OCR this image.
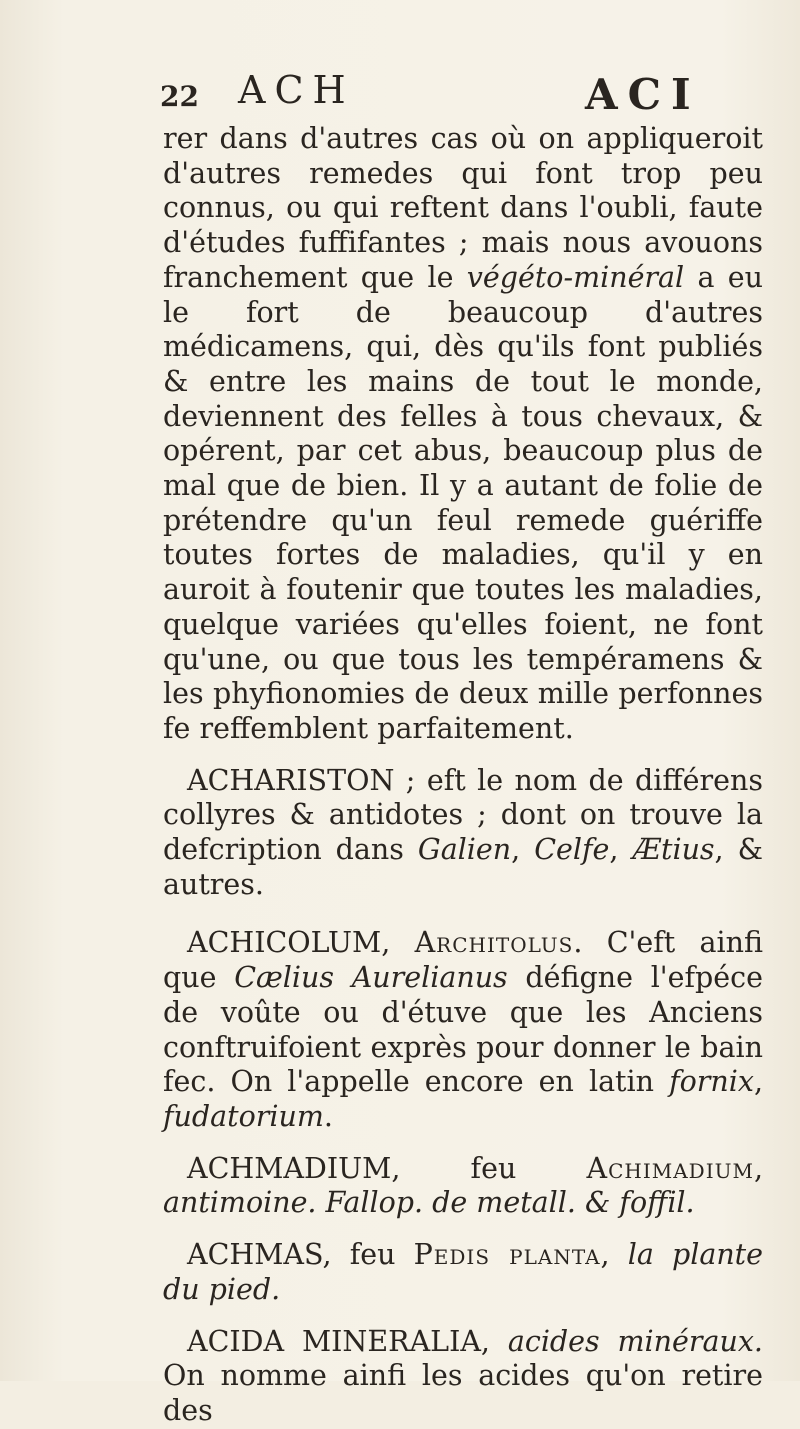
22 ACH	ACI

rer dans d'autres cas où on appliqueroit d'autres remedes qui font trop peu connus, ou qui reftent dans l'oubli, faute d'études fuffifantes ; mais nous avouons franchement que le végéto-minéral a eu le fort de beaucoup d'autres médicamens, qui, dès qu'ils font publiés & entre les mains de tout le monde, deviennent des felles à tous chevaux, & opérent, par cet abus, beaucoup plus de mal que de bien. Il y a autant de folie de prétendre qu'un feul remede guériffe toutes fortes de maladies, qu'il y en auroit à foutenir que toutes les maladies, quelque variées qu'elles foient, ne font qu'une, ou que tous les tempéramens & les phyfionomies de deux mille perfonnes fe reffemblent parfaitement.

ACHARISTON ; eft le nom de différens collyres & antidotes ; dont on trouve la defcription dans Galien, Celfe, Ætius, & autres.

ACHICOLUM, Architolus. C'eft ainfi que Cælius Aurelianus défigne l'efpéce de voûte ou d'étuve que les Anciens conftruifoient exprès pour donner le bain fec. On l'appelle encore en latin fornix, fudatorium.

ACHMADIUM, feu Achimadium, antimoine. Fallop. de metall. & foffil.

ACHMAS, feu Pedis planta, la plante du pied.

ACIDA MINERALIA, acides minéraux. On nomme ainfi les acides qu'on retire des
